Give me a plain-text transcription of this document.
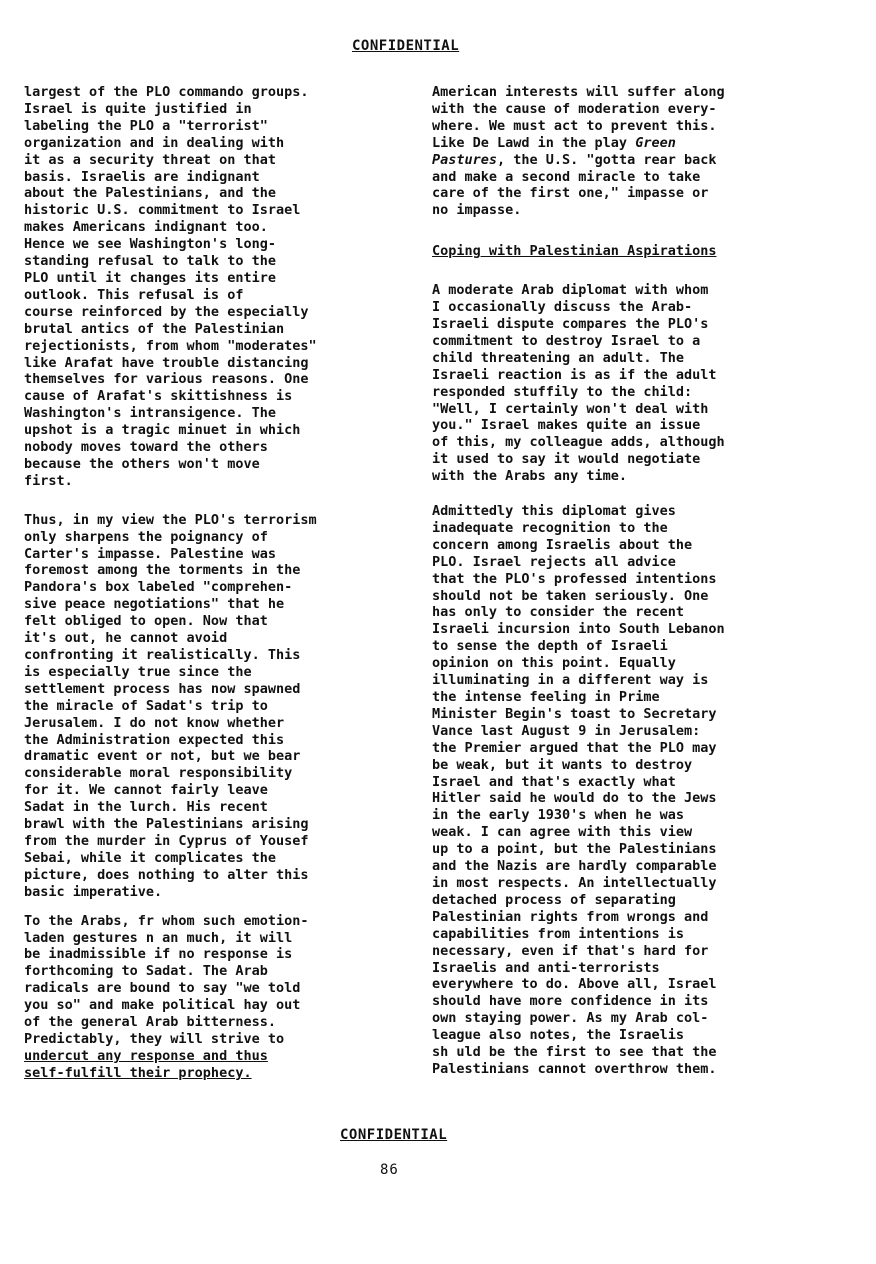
CONFIDENTIAL
largest of the PLO commando groups.
Israel is quite justified in
labeling the PLO a "terrorist"
organization and in dealing with
it as a security threat on that
basis. Israelis are indignant
about the Palestinians, and the
historic U.S. commitment to Israel
makes Americans indignant too.
Hence we see Washington's long-
standing refusal to talk to the
PLO until it changes its entire
outlook. This refusal is of
course reinforced by the especially
brutal antics of the Palestinian
rejectionists, from whom "moderates"
like Arafat have trouble distancing
themselves for various reasons. One
cause of Arafat's skittishness is
Washington's intransigence. The
upshot is a tragic minuet in which
nobody moves toward the others
because the others won't move
first.
Thus, in my view the PLO's terrorism
only sharpens the poignancy of
Carter's impasse. Palestine was
foremost among the torments in the
Pandora's box labeled "comprehen-
sive peace negotiations" that he
felt obliged to open. Now that
it's out, he cannot avoid
confronting it realistically. This
is especially true since the
settlement process has now spawned
the miracle of Sadat's trip to
Jerusalem. I do not know whether
the Administration expected this
dramatic event or not, but we bear
considerable moral responsibility
for it. We cannot fairly leave
Sadat in the lurch. His recent
brawl with the Palestinians arising
from the murder in Cyprus of Yousef
Sebai, while it complicates the
picture, does nothing to alter this
basic imperative.
To the Arabs, fr whom such emotion-
laden gestures n an much, it will
be inadmissible if no response is
forthcoming to Sadat. The Arab
radicals are bound to say "we told
you so" and make political hay out
of the general Arab bitterness.
Predictably, they will strive to
undercut any response and thus
self-fulfill their prophecy.
American interests will suffer along
with the cause of moderation every-
where. We must act to prevent this.
Like De Lawd in the play Green
Pastures, the U.S. "gotta rear back
and make a second miracle to take
care of the first one," impasse or
no impasse.
Coping with Palestinian Aspirations
A moderate Arab diplomat with whom
I occasionally discuss the Arab-
Israeli dispute compares the PLO's
commitment to destroy Israel to a
child threatening an adult. The
Israeli reaction is as if the adult
responded stuffily to the child:
"Well, I certainly won't deal with
you." Israel makes quite an issue
of this, my colleague adds, although
it used to say it would negotiate
with the Arabs any time.
Admittedly this diplomat gives
inadequate recognition to the
concern among Israelis about the
PLO. Israel rejects all advice
that the PLO's professed intentions
should not be taken seriously. One
has only to consider the recent
Israeli incursion into South Lebanon
to sense the depth of Israeli
opinion on this point. Equally
illuminating in a different way is
the intense feeling in Prime
Minister Begin's toast to Secretary
Vance last August 9 in Jerusalem:
the Premier argued that the PLO may
be weak, but it wants to destroy
Israel and that's exactly what
Hitler said he would do to the Jews
in the early 1930's when he was
weak. I can agree with this view
up to a point, but the Palestinians
and the Nazis are hardly comparable
in most respects. An intellectually
detached process of separating
Palestinian rights from wrongs and
capabilities from intentions is
necessary, even if that's hard for
Israelis and anti-terrorists
everywhere to do. Above all, Israel
should have more confidence in its
own staying power. As my Arab col-
league also notes, the Israelis
sh uld be the first to see that the
Palestinians cannot overthrow them.
CONFIDENTIAL
86
